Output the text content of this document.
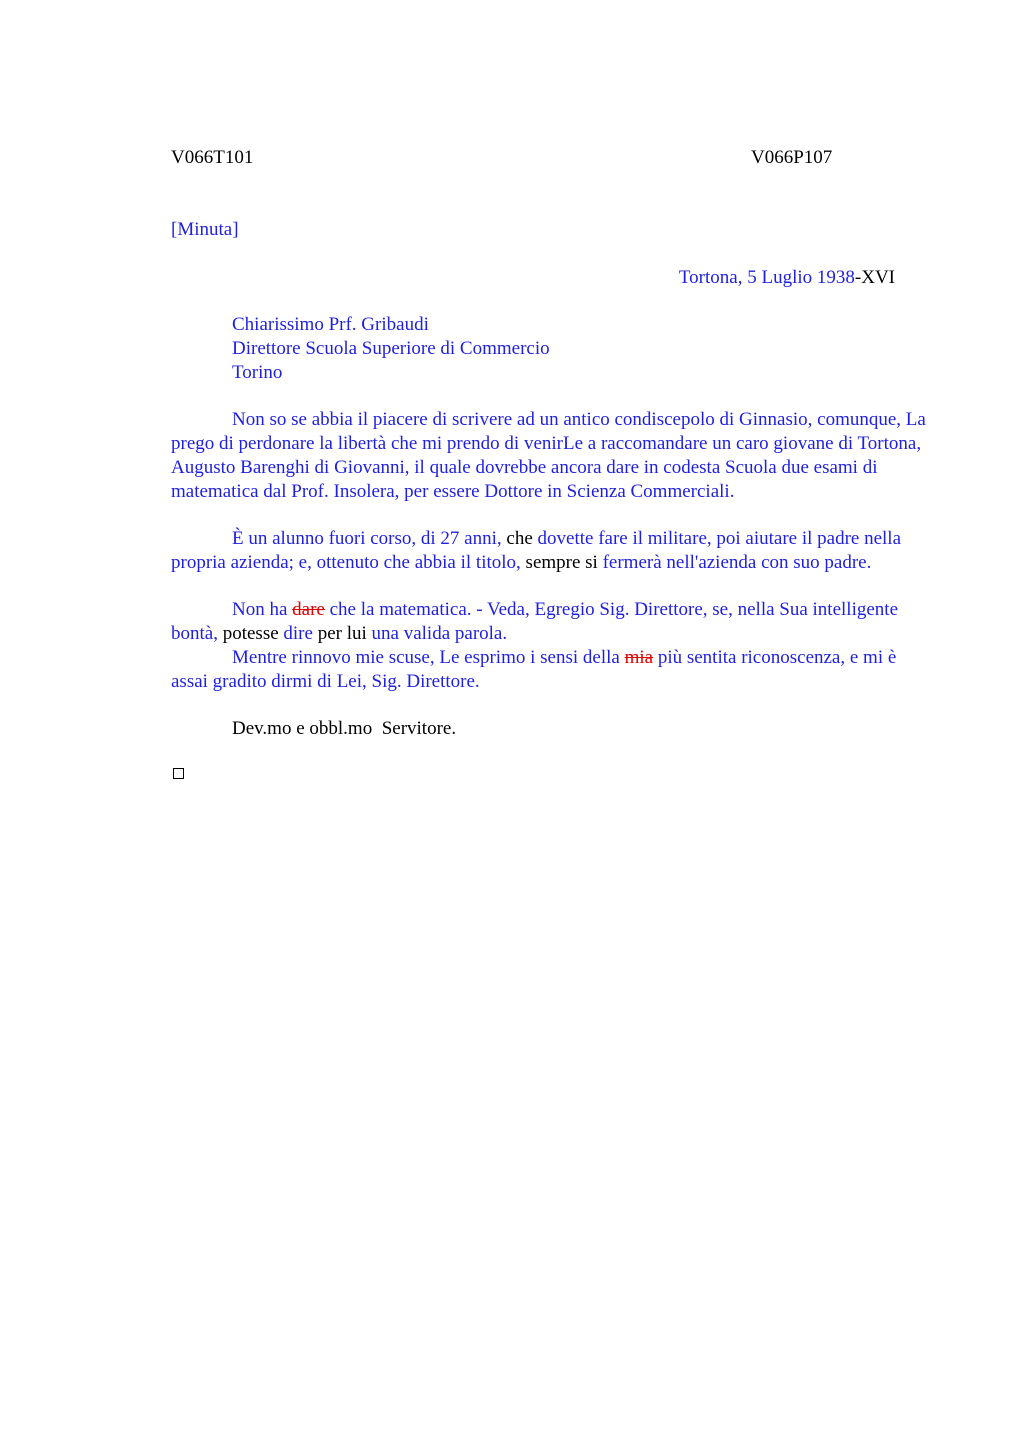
V066T101	V066P107
[Minuta]
Tortona, 5 Luglio 1938-XVI
Chiarissimo Prf. Gribaudi
Direttore Scuola Superiore di Commercio
Torino
Non so se abbia il piacere di scrivere ad un antico condiscepolo di Ginnasio, comunque, La prego di perdonare la libertà che mi prendo di venirLe a raccomandare un caro giovane di Tortona, Augusto Barenghi di Giovanni, il quale dovrebbe ancora dare in codesta Scuola due esami di matematica dal Prof. Insolera, per essere Dottore in Scienza Commerciali.
È un alunno fuori corso, di 27 anni, che dovette fare il militare, poi aiutare il padre nella propria azienda; e, ottenuto che abbia il titolo, sempre si fermerà nell'azienda con suo padre.
Non ha dare che la matematica. - Veda, Egregio Sig. Direttore, se, nella Sua intelligente bontà, potesse dire per lui una valida parola.
Mentre rinnovo mie scuse, Le esprimo i sensi della mia più sentita riconoscenza, e mi è assai gradito dirmi di Lei, Sig. Direttore.
Dev.mo e obbl.mo  Servitore.
